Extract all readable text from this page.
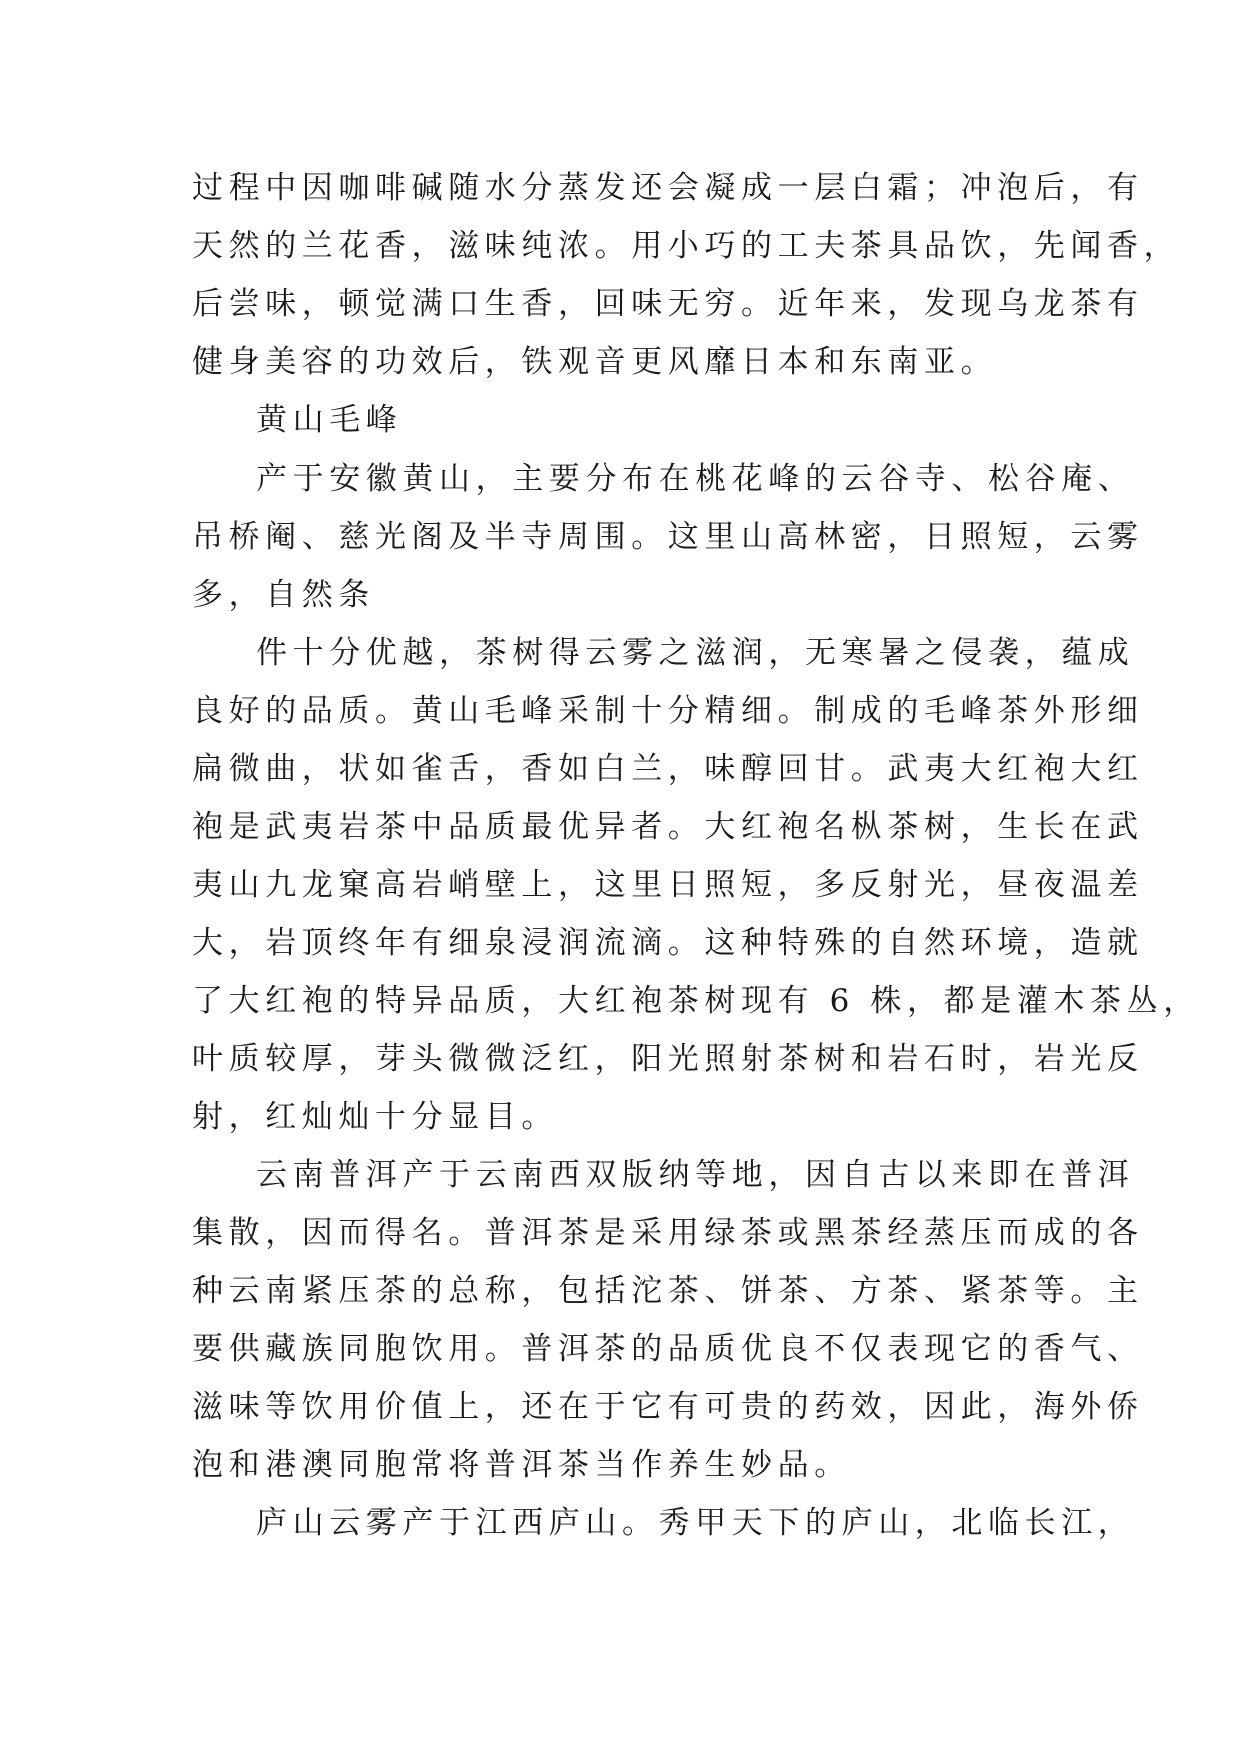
过程中因咖啡碱随水分蒸发还会凝成一层白霜；冲泡后，有
天然的兰花香，滋味纯浓。用小巧的工夫茶具品饮，先闻香，
后尝味，顿觉满口生香，回味无穷。近年来，发现乌龙茶有
健身美容的功效后，铁观音更风靡日本和东南亚。
黄山毛峰
产于安徽黄山，主要分布在桃花峰的云谷寺、松谷庵、
吊桥阉、慈光阁及半寺周围。这里山高林密，日照短，云雾
多，自然条
件十分优越，茶树得云雾之滋润，无寒暑之侵袭，蕴成
良好的品质。黄山毛峰采制十分精细。制成的毛峰茶外形细
扁微曲，状如雀舌，香如白兰，味醇回甘。武夷大红袍大红
袍是武夷岩茶中品质最优异者。大红袍名枞茶树，生长在武
夷山九龙窠高岩峭壁上，这里日照短，多反射光，昼夜温差
大，岩顶终年有细泉浸润流滴。这种特殊的自然环境，造就
了大红袍的特异品质，大红袍茶树现有 6 株，都是灌木茶丛，
叶质较厚，芽头微微泛红，阳光照射茶树和岩石时，岩光反
射，红灿灿十分显目。
云南普洱产于云南西双版纳等地，因自古以来即在普洱
集散，因而得名。普洱茶是采用绿茶或黑茶经蒸压而成的各
种云南紧压茶的总称，包括沱茶、饼茶、方茶、紧茶等。主
要供藏族同胞饮用。普洱茶的品质优良不仅表现它的香气、
滋味等饮用价值上，还在于它有可贵的药效，因此，海外侨
泡和港澳同胞常将普洱茶当作养生妙品。
庐山云雾产于江西庐山。秀甲天下的庐山，北临长江，
